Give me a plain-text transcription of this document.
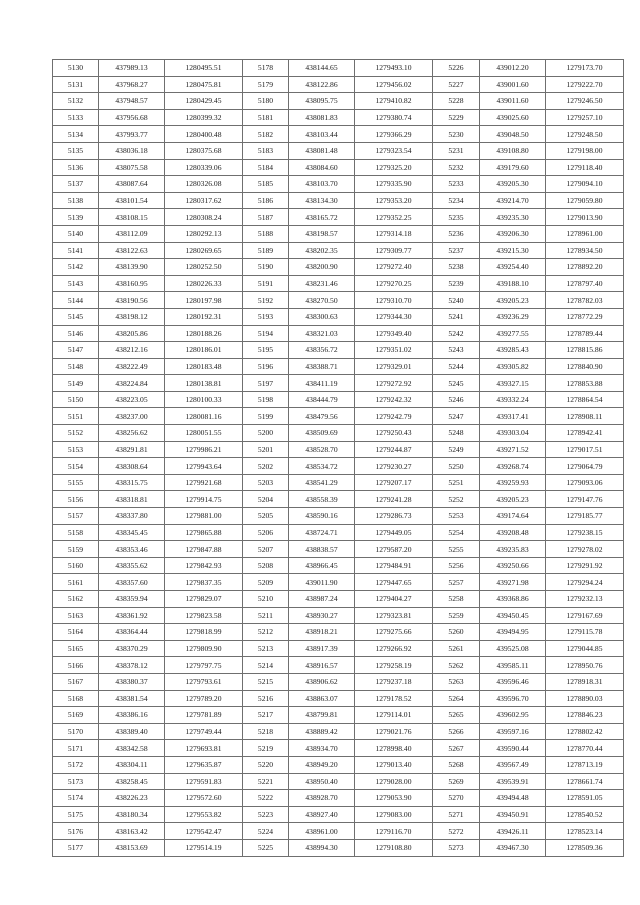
5130	437989.13	1280495.51	5178	438144.65	1279493.10	5226	439012.20	1279173.70
5131	437968.27	1280475.81	5179	438122.86	1279456.02	5227	439001.60	1279222.70
5132	437948.57	1280429.45	5180	438095.75	1279410.82	5228	439011.60	1279246.50
5133	437956.68	1280399.32	5181	438081.83	1279380.74	5229	439025.60	1279257.10
5134	437993.77	1280400.48	5182	438103.44	1279366.29	5230	439048.50	1279248.50
5135	438036.18	1280375.68	5183	438081.48	1279323.54	5231	439108.80	1279198.00
5136	438075.58	1280339.06	5184	438084.60	1279325.20	5232	439179.60	1279118.40
5137	438087.64	1280326.08	5185	438103.70	1279335.90	5233	439205.30	1279094.10
5138	438101.54	1280317.62	5186	438134.30	1279353.20	5234	439214.70	1279059.80
5139	438108.15	1280308.24	5187	438165.72	1279352.25	5235	439235.30	1279013.90
5140	438112.09	1280292.13	5188	438198.57	1279314.18	5236	439206.30	1278961.00
5141	438122.63	1280269.65	5189	438202.35	1279309.77	5237	439215.30	1278934.50
5142	438139.90	1280252.50	5190	438200.90	1279272.40	5238	439254.40	1278892.20
5143	438160.95	1280226.33	5191	438231.46	1279270.25	5239	439188.10	1278797.40
5144	438190.56	1280197.98	5192	438270.50	1279310.70	5240	439205.23	1278782.03
5145	438198.12	1280192.31	5193	438300.63	1279344.30	5241	439236.29	1278772.29
5146	438205.86	1280188.26	5194	438321.03	1279349.40	5242	439277.55	1278789.44
5147	438212.16	1280186.01	5195	438356.72	1279351.02	5243	439285.43	1278815.86
5148	438222.49	1280183.48	5196	438388.71	1279329.01	5244	439305.82	1278840.90
5149	438224.84	1280138.81	5197	438411.19	1279272.92	5245	439327.15	1278853.88
5150	438223.05	1280100.33	5198	438444.79	1279242.32	5246	439332.24	1278864.54
5151	438237.00	1280081.16	5199	438479.56	1279242.79	5247	439317.41	1278908.11
5152	438256.62	1280051.55	5200	438509.69	1279250.43	5248	439303.04	1278942.41
5153	438291.81	1279986.21	5201	438528.70	1279244.87	5249	439271.52	1279017.51
5154	438308.64	1279943.64	5202	438534.72	1279230.27	5250	439268.74	1279064.79
5155	438315.75	1279921.68	5203	438541.29	1279207.17	5251	439259.93	1279093.06
5156	438318.81	1279914.75	5204	438558.39	1279241.28	5252	439205.23	1279147.76
5157	438337.80	1279881.00	5205	438590.16	1279286.73	5253	439174.64	1279185.77
5158	438345.45	1279865.88	5206	438724.71	1279449.05	5254	439208.48	1279238.15
5159	438353.46	1279847.88	5207	438838.57	1279587.20	5255	439235.83	1279278.02
5160	438355.62	1279842.93	5208	438966.45	1279484.91	5256	439250.66	1279291.92
5161	438357.60	1279837.35	5209	439011.90	1279447.65	5257	439271.98	1279294.24
5162	438359.94	1279829.07	5210	438987.24	1279404.27	5258	439368.86	1279232.13
5163	438361.92	1279823.58	5211	438930.27	1279323.81	5259	439450.45	1279167.69
5164	438364.44	1279818.99	5212	438918.21	1279275.66	5260	439494.95	1279115.78
5165	438370.29	1279809.90	5213	438917.39	1279266.92	5261	439525.08	1279044.85
5166	438378.12	1279797.75	5214	438916.57	1279258.19	5262	439585.11	1278950.76
5167	438380.37	1279793.61	5215	438906.62	1279237.18	5263	439596.46	1278918.31
5168	438381.54	1279789.20	5216	438863.07	1279178.52	5264	439596.70	1278890.03
5169	438386.16	1279781.89	5217	438799.81	1279114.01	5265	439602.95	1278846.23
5170	438389.40	1279749.44	5218	438889.42	1279021.76	5266	439597.16	1278802.42
5171	438342.58	1279693.81	5219	438934.70	1278998.40	5267	439590.44	1278770.44
5172	438304.11	1279635.87	5220	438949.20	1279013.40	5268	439567.49	1278713.19
5173	438258.45	1279591.83	5221	438950.40	1279028.00	5269	439539.91	1278661.74
5174	438226.23	1279572.60	5222	438928.70	1279053.90	5270	439494.48	1278591.05
5175	438180.34	1279553.82	5223	438927.40	1279083.00	5271	439450.91	1278540.52
5176	438163.42	1279542.47	5224	438961.00	1279116.70	5272	439426.11	1278523.14
5177	438153.69	1279514.19	5225	438994.30	1279108.80	5273	439467.30	1278509.36
